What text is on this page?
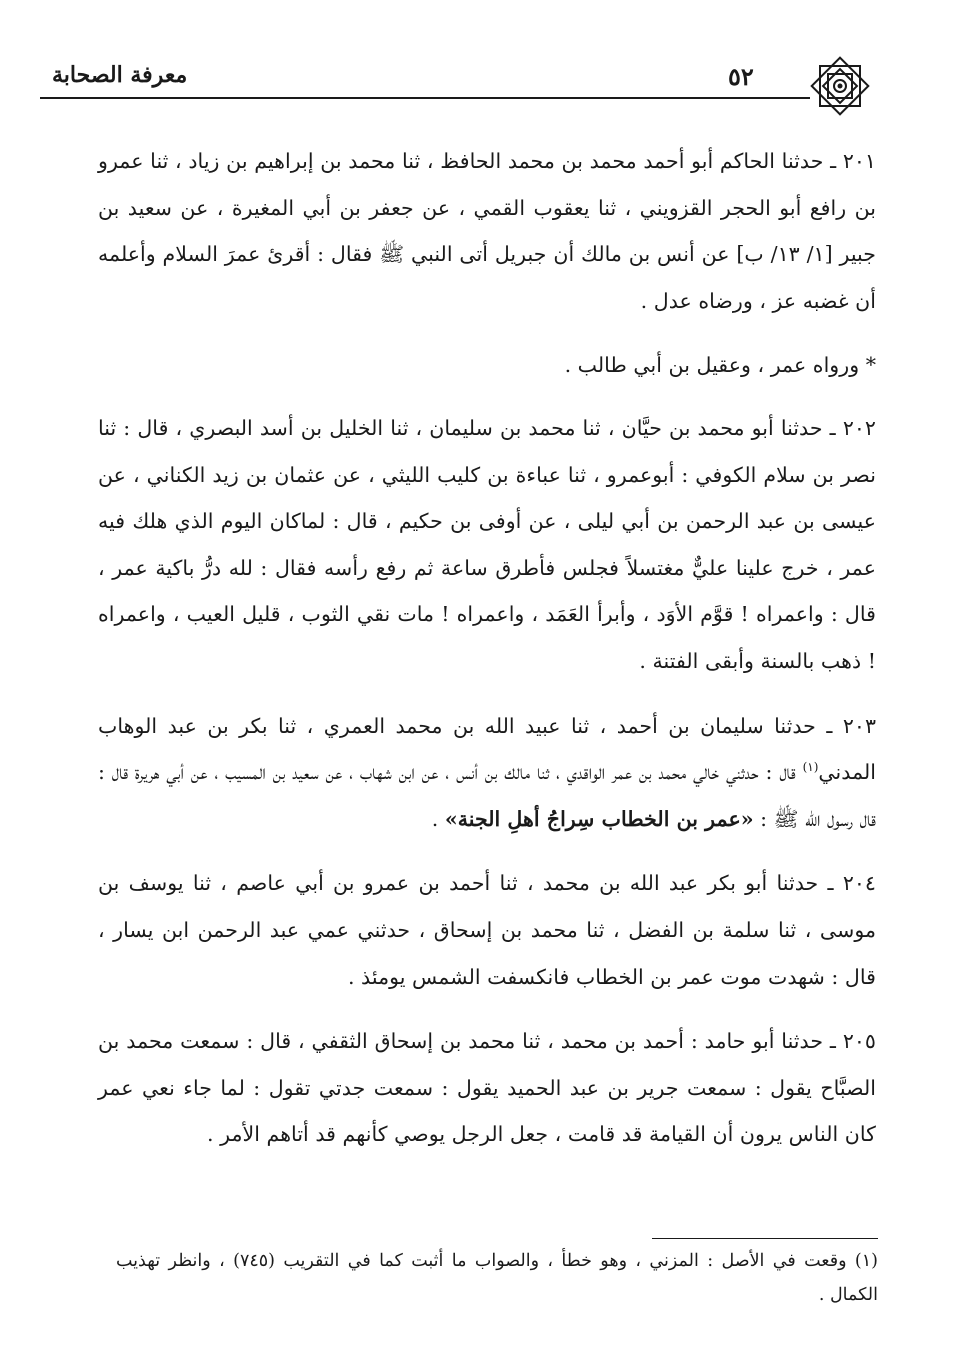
معرفة الصحابة	٥٢

٢٠١ ـ حدثنا الحاكم أبو أحمد محمد بن محمد الحافظ ، ثنا محمد بن إبراهيم بن زياد ، ثنا عمرو بن رافع أبو الحجر القزويني ، ثنا يعقوب القمي ، عن جعفر بن أبي المغيرة ، عن سعيد بن جبير [١/ ١٣/ ب] عن أنس بن مالك أن جبريل أتى النبي ﷺ فقال : أقرئ عمرَ السلام وأعلمه أن غضبه عز ، ورضاه عدل .

* ورواه عمر ، وعقيل بن أبي طالب .

٢٠٢ ـ حدثنا أبو محمد بن حيَّان ، ثنا محمد بن سليمان ، ثنا الخليل بن أسد البصري ، قال : ثنا نصر بن سلام الكوفي : أبوعمرو ، ثنا عباءة بن كليب الليثي ، عن عثمان بن زيد الكناني ، عن عيسى بن عبد الرحمن بن أبي ليلى ، عن أوفى بن حكيم ، قال : لماكان اليوم الذي هلك فيه عمر ، خرج علينا عليٌّ مغتسلاً فجلس فأطرق ساعة ثم رفع رأسه فقال : لله درُّ باكية عمر ، قال : واعمراه ! قوَّم الأوَد ، وأبرأ العَمَد ، واعمراه ! مات نقي الثوب ، قليل العيب ، واعمراه ! ذهب بالسنة وأبقى الفتنة .

٢٠٣ ـ حدثنا سليمان بن أحمد ، ثنا عبيد الله بن محمد العمري ، ثنا بكر بن عبد الوهاب المدني$^{(١)}$ قال : حدثني خالي محمد بن عمر الواقدي ، ثنا مالك بن أنس ، عن ابن شهاب ، عن سعيد بن المسيب ، عن أبي هريرة قال : قال رسول الله ﷺ : «عمر بن الخطاب سِراجُ أهلِ الجنة» .

٢٠٤ ـ حدثنا أبو بكر عبد الله بن محمد ، ثنا أحمد بن عمرو بن أبي عاصم ، ثنا يوسف بن موسى ، ثنا سلمة بن الفضل ، ثنا محمد بن إسحاق ، حدثني عمي عبد الرحمن ابن يسار ، قال : شهدت موت عمر بن الخطاب فانكسفت الشمس يومئذ .

٢٠٥ ـ حدثنا أبو حامد : أحمد بن محمد ، ثنا محمد بن إسحاق الثقفي ، قال : سمعت محمد بن الصبَّاح يقول : سمعت جرير بن عبد الحميد يقول : سمعت جدتي تقول : لما جاء نعي عمر كان الناس يرون أن القيامة قد قامت ، جعل الرجل يوصي كأنهم قد أتاهم الأمر .

(١) وقعت في الأصل : المزني ، وهو خطأ ، والصواب ما أثبت كما في التقريب (٧٤٥) ، وانظر تهذيب الكمال .
